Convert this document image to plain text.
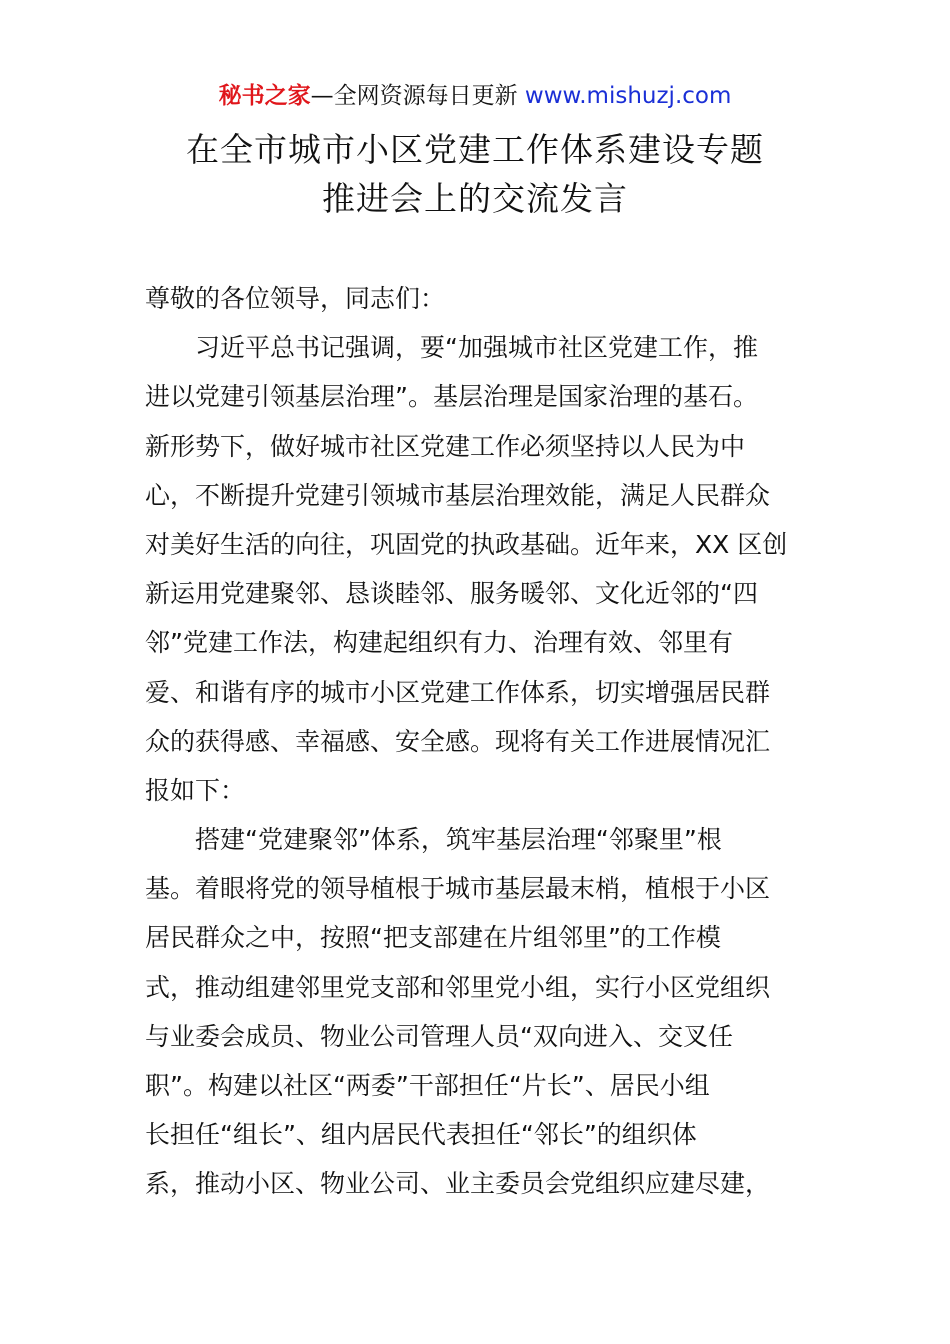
秘书之家—全网资源每日更新 www.mishuzj.com
在全市城市小区党建工作体系建设专题
推进会上的交流发言
尊敬的各位领导，同志们：
习近平总书记强调，要“加强城市社区党建工作，推
进以党建引领基层治理”。基层治理是国家治理的基石。
新形势下，做好城市社区党建工作必须坚持以人民为中
心，不断提升党建引领城市基层治理效能，满足人民群众
对美好生活的向往，巩固党的执政基础。近年来，XX 区创
新运用党建聚邻、恳谈睦邻、服务暖邻、文化近邻的“四
邻”党建工作法，构建起组织有力、治理有效、邻里有
爱、和谐有序的城市小区党建工作体系，切实增强居民群
众的获得感、幸福感、安全感。现将有关工作进展情况汇
报如下：
搭建“党建聚邻”体系，筑牢基层治理“邻聚里”根
基。着眼将党的领导植根于城市基层最末梢，植根于小区
居民群众之中，按照“把支部建在片组邻里”的工作模
式，推动组建邻里党支部和邻里党小组，实行小区党组织
与业委会成员、物业公司管理人员“双向进入、交叉任
职”。构建以社区“两委”干部担任“片长”、居民小组
长担任“组长”、组内居民代表担任“邻长”的组织体
系，推动小区、物业公司、业主委员会党组织应建尽建，
